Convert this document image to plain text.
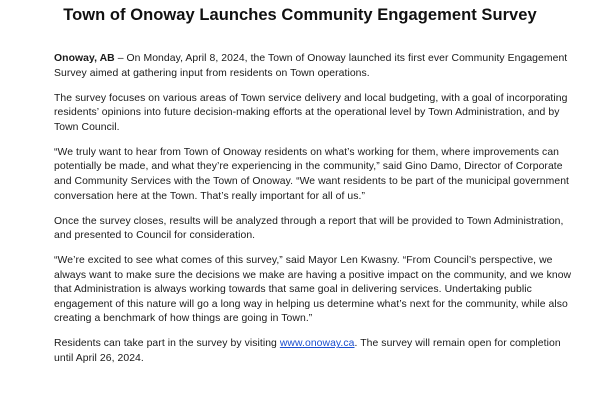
Town of Onoway Launches Community Engagement Survey

Onoway, AB – On Monday, April 8, 2024, the Town of Onoway launched its first ever Community Engagement Survey aimed at gathering input from residents on Town operations.

The survey focuses on various areas of Town service delivery and local budgeting, with a goal of incorporating residents’ opinions into future decision-making efforts at the operational level by Town Administration, and by Town Council.

“We truly want to hear from Town of Onoway residents on what’s working for them, where improvements can potentially be made, and what they’re experiencing in the community,” said Gino Damo, Director of Corporate and Community Services with the Town of Onoway. “We want residents to be part of the municipal government conversation here at the Town. That’s really important for all of us.”

Once the survey closes, results will be analyzed through a report that will be provided to Town Administration, and presented to Council for consideration.

“We’re excited to see what comes of this survey,” said Mayor Len Kwasny. “From Council’s perspective, we always want to make sure the decisions we make are having a positive impact on the community, and we know that Administration is always working towards that same goal in delivering services. Undertaking public engagement of this nature will go a long way in helping us determine what’s next for the community, while also creating a benchmark of how things are going in Town.”

Residents can take part in the survey by visiting www.onoway.ca. The survey will remain open for completion until April 26, 2024.
